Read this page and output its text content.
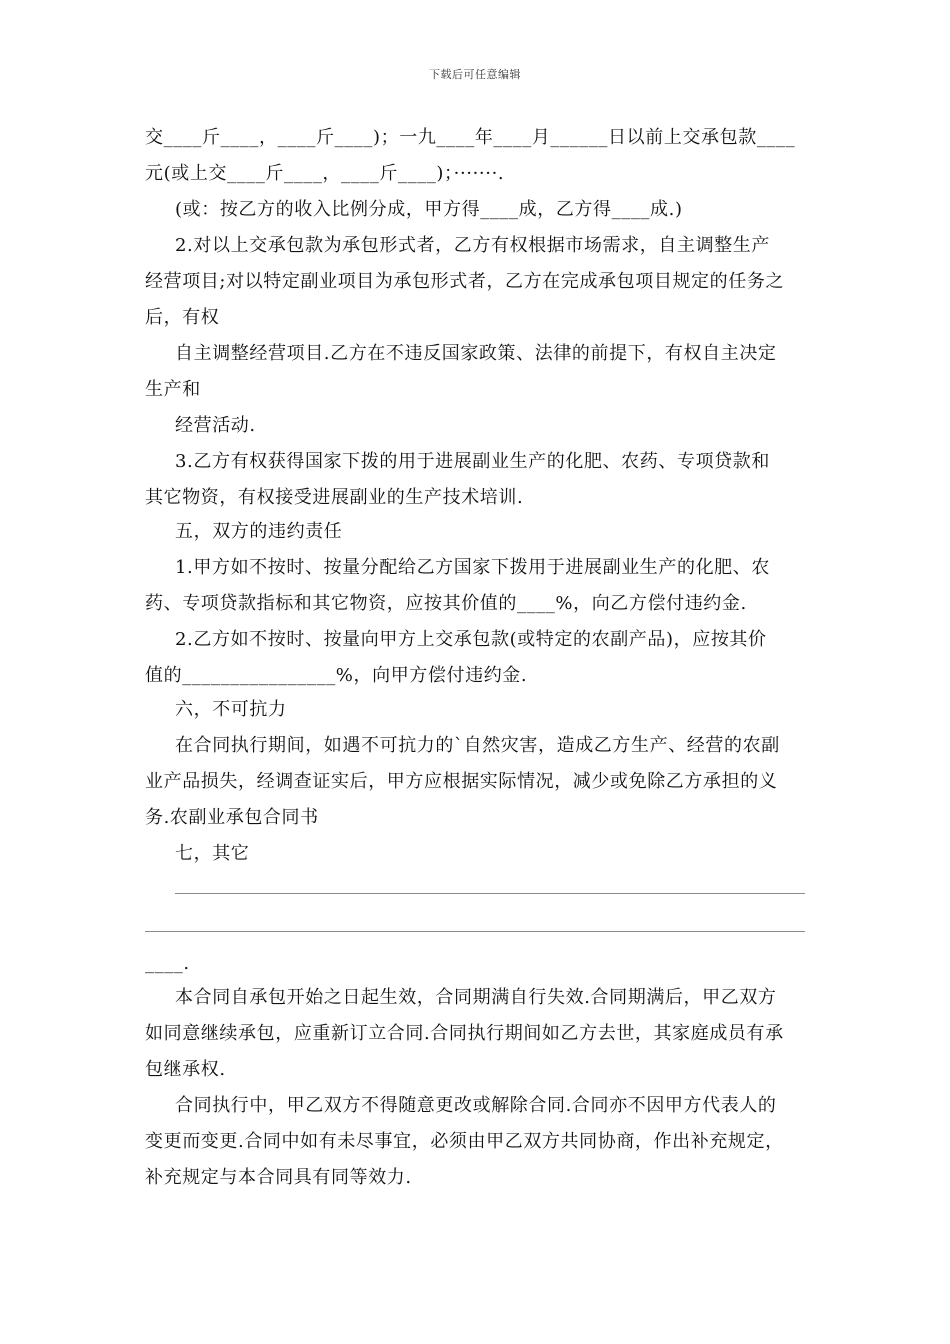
下载后可任意编辑
交____斤____，____斤____)；一九____年____月______日以前上交承包款____
元(或上交____斤____，____斤____)；·······.
(或：按乙方的收入比例分成，甲方得____成，乙方得____成.)
2.对以上交承包款为承包形式者，乙方有权根据市场需求，自主调整生产
经营项目;对以特定副业项目为承包形式者，乙方在完成承包项目规定的任务之
后，有权
自主调整经营项目.乙方在不违反国家政策、法律的前提下，有权自主决定
生产和
经营活动.
3.乙方有权获得国家下拨的用于进展副业生产的化肥、农药、专项贷款和
其它物资，有权接受进展副业的生产技术培训.
五，双方的违约责任
1.甲方如不按时、按量分配给乙方国家下拨用于进展副业生产的化肥、农
药、专项贷款指标和其它物资，应按其价值的____%，向乙方偿付违约金.
2.乙方如不按时、按量向甲方上交承包款(或特定的农副产品)，应按其价
值的________________%，向甲方偿付违约金.
六，不可抗力
在合同执行期间，如遇不可抗力的`自然灾害，造成乙方生产、经营的农副
业产品损失，经调查证实后，甲方应根据实际情况，减少或免除乙方承担的义
务.农副业承包合同书
七，其它
____.
本合同自承包开始之日起生效，合同期满自行失效.合同期满后，甲乙双方
如同意继续承包，应重新订立合同.合同执行期间如乙方去世，其家庭成员有承
包继承权.
合同执行中，甲乙双方不得随意更改或解除合同.合同亦不因甲方代表人的
变更而变更.合同中如有未尽事宜，必须由甲乙双方共同协商，作出补充规定，
补充规定与本合同具有同等效力.
